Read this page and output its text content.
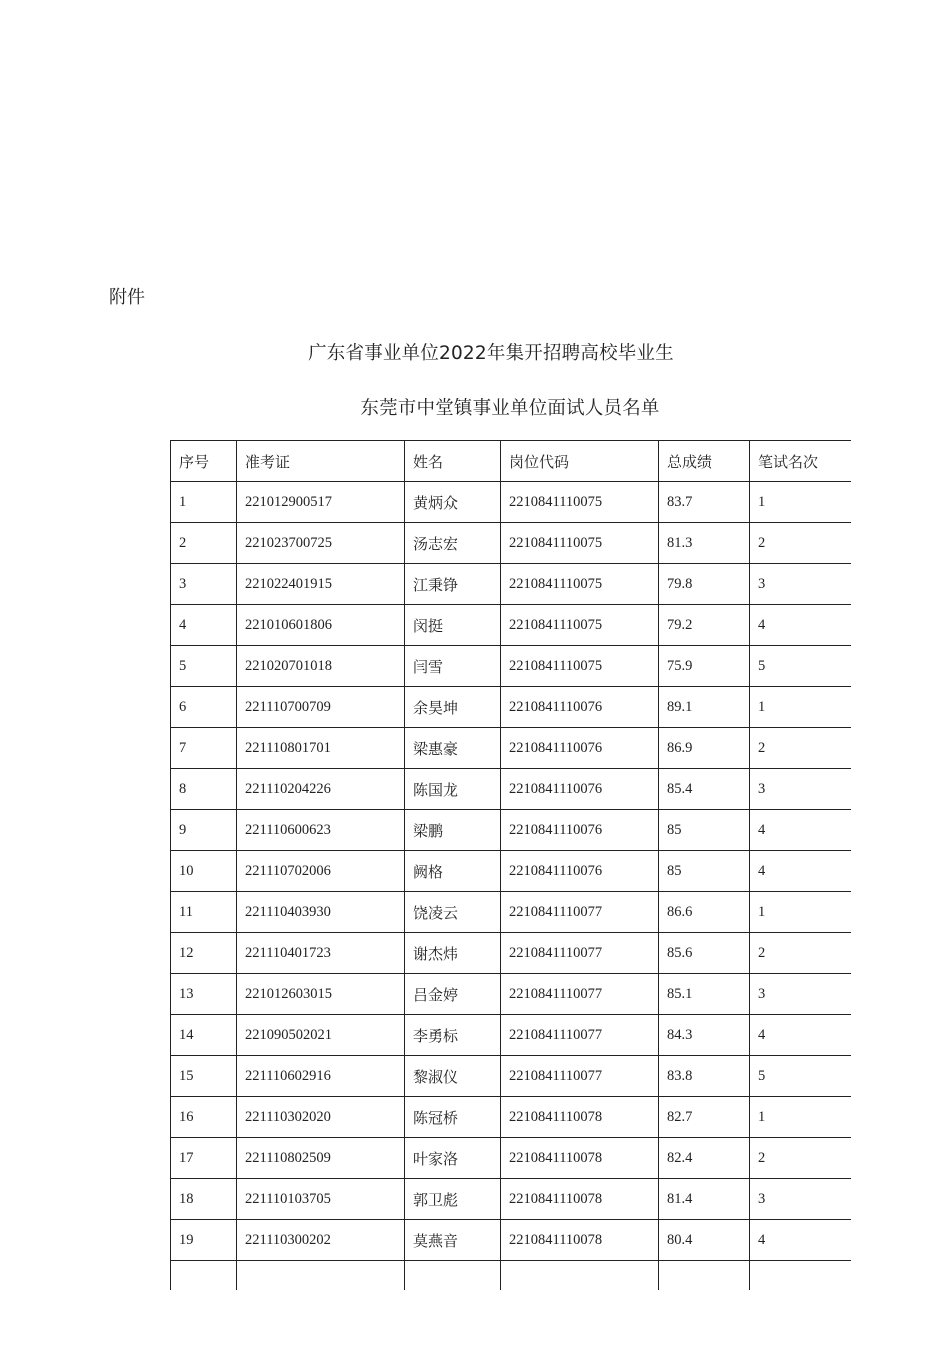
附件
广东省事业单位2022年集开招聘高校毕业生
东莞市中堂镇事业单位面试人员名单
序号	准考证	姓名	岗位代码	总成绩	笔试名次
1	221012900517	黄炳众	2210841110075	83.7	1
2	221023700725	汤志宏	2210841110075	81.3	2
3	221022401915	江秉铮	2210841110075	79.8	3
4	221010601806	闵挺	2210841110075	79.2	4
5	221020701018	闫雪	2210841110075	75.9	5
6	221110700709	余昊坤	2210841110076	89.1	1
7	221110801701	梁惠豪	2210841110076	86.9	2
8	221110204226	陈国龙	2210841110076	85.4	3
9	221110600623	梁鹏	2210841110076	85	4
10	221110702006	阙格	2210841110076	85	4
11	221110403930	饶凌云	2210841110077	86.6	1
12	221110401723	谢杰炜	2210841110077	85.6	2
13	221012603015	吕金婷	2210841110077	85.1	3
14	221090502021	李勇标	2210841110077	84.3	4
15	221110602916	黎淑仪	2210841110077	83.8	5
16	221110302020	陈冠桥	2210841110078	82.7	1
17	221110802509	叶家洛	2210841110078	82.4	2
18	221110103705	郭卫彪	2210841110078	81.4	3
19	221110300202	莫燕音	2210841110078	80.4	4
